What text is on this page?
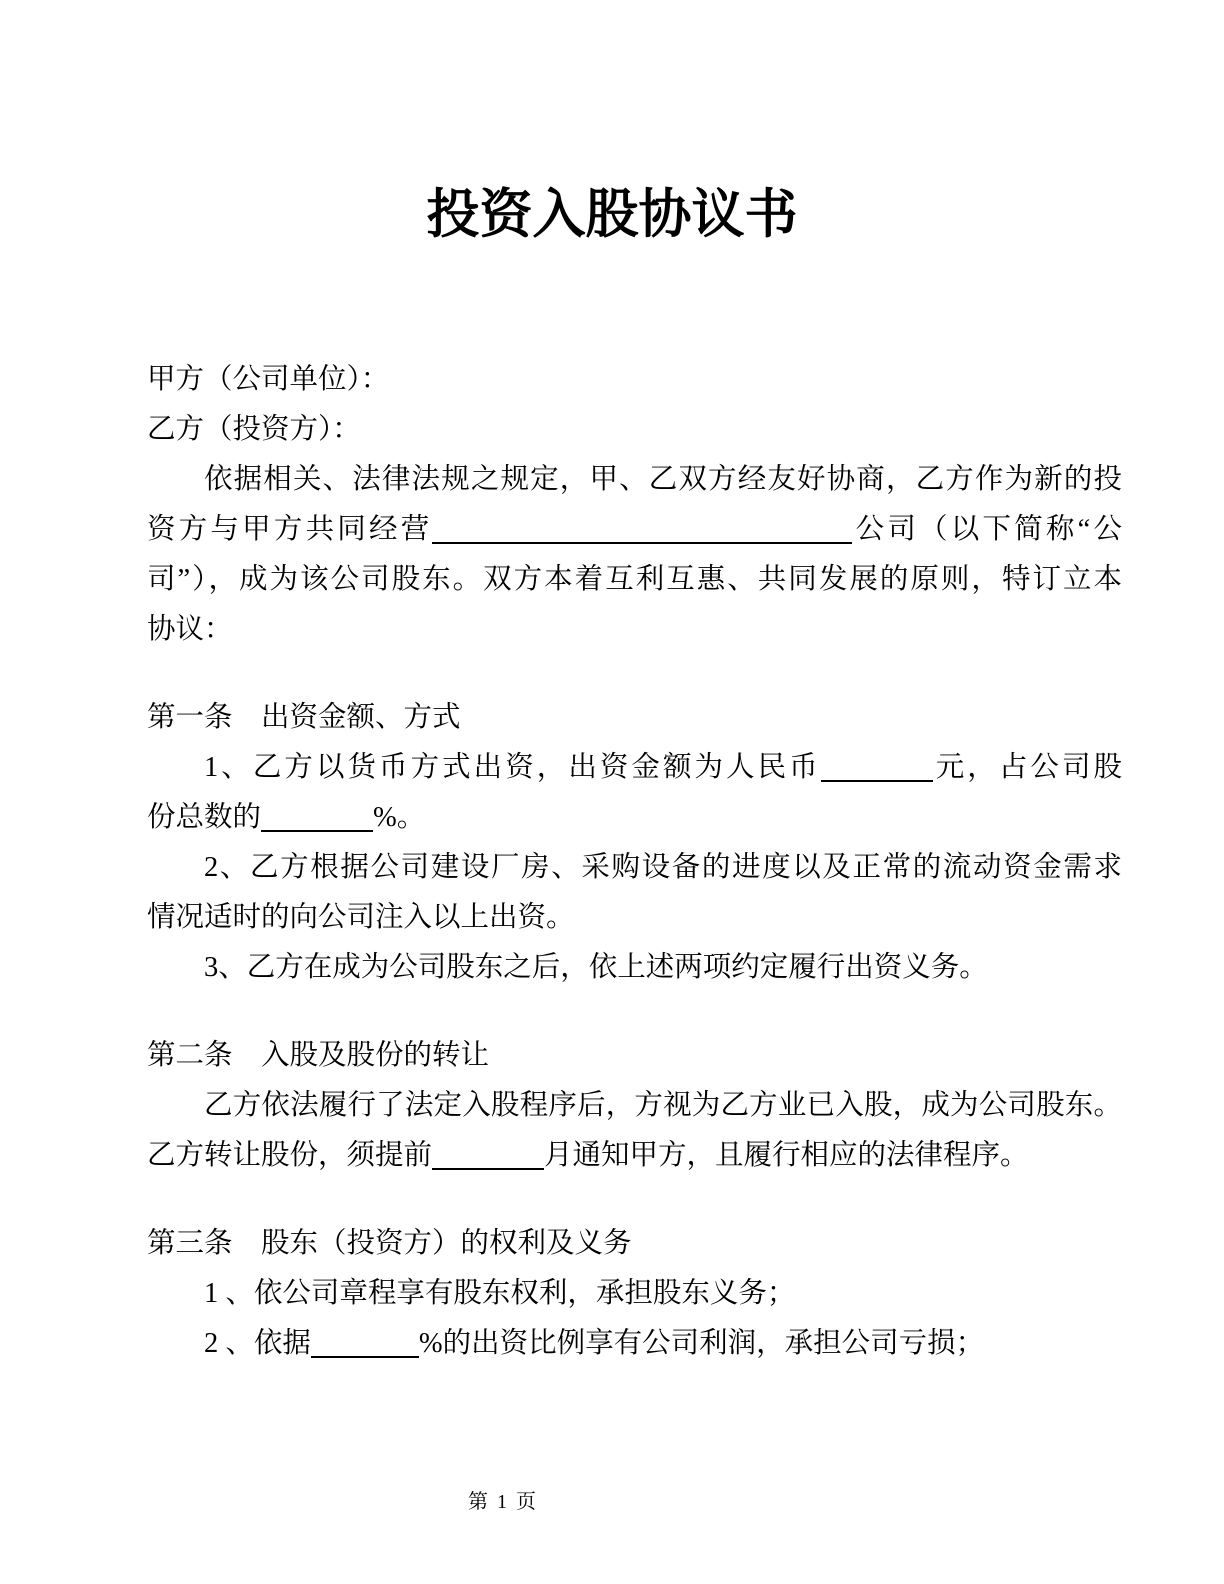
投资入股协议书
甲方（公司单位）：
乙方（投资方）：
依据相关、法律法规之规定，甲、乙双方经友好协商，乙方作为新的投
资方与甲方共同经营	公司（以下简称“公
司”），成为该公司股东。双方本着互利互惠、共同发展的原则，特订立本
协议：
第一条　出资金额、方式
1、乙方以货币方式出资，出资金额为人民币	元，占公司股
份总数的	%。
2、乙方根据公司建设厂房、采购设备的进度以及正常的流动资金需求
情况适时的向公司注入以上出资。
3、乙方在成为公司股东之后，依上述两项约定履行出资义务。
第二条　入股及股份的转让
乙方依法履行了法定入股程序后，方视为乙方业已入股，成为公司股东。
乙方转让股份，须提前	月通知甲方，且履行相应的法律程序。
第三条　股东（投资方）的权利及义务
1 、依公司章程享有股东权利，承担股东义务；
2 、依据	%的出资比例享有公司利润，承担公司亏损；
第 1 页
